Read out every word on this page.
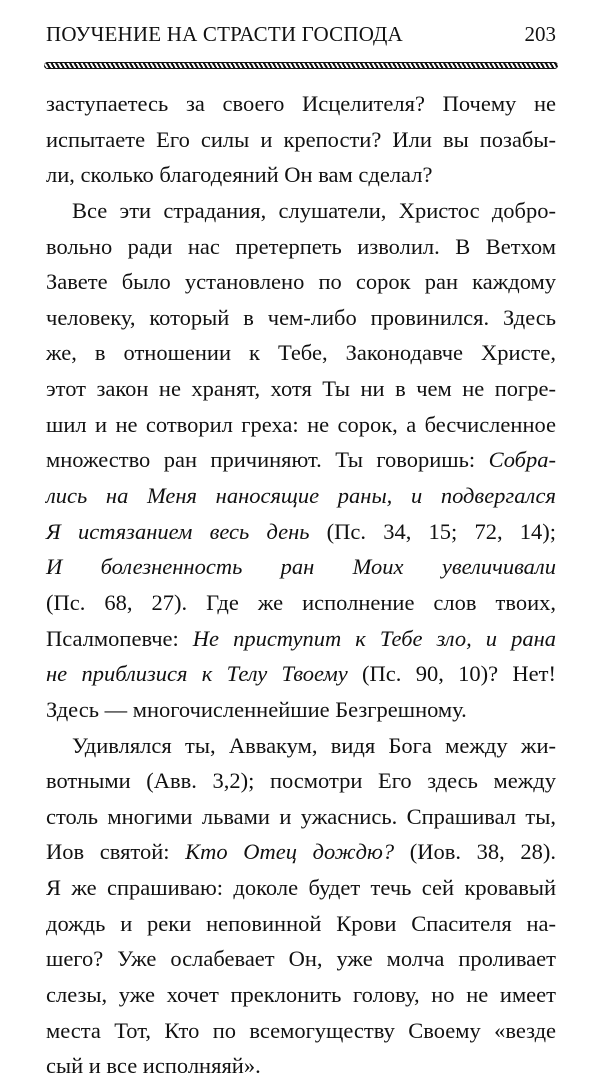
ПОУЧЕНИЕ НА СТРАСТИ ГОСПОДА	203
заступаетесь за своего Исцелителя? Почему не
испытаете Его силы и крепости? Или вы позабы-
ли, сколько благодеяний Он вам сделал?
Все эти страдания, слушатели, Христос добро-
вольно ради нас претерпеть изволил. В Ветхом
Завете было установлено по сорок ран каждому
человеку, который в чем-либо провинился. Здесь
же, в отношении к Тебе, Законодавче Христе,
этот закон не хранят, хотя Ты ни в чем не погре-
шил и не сотворил греха: не сорок, а бесчисленное
множество ран причиняют. Ты говоришь: Собра-
лись на Меня наносящие раны, и подвергался
Я истязанием весь день (Пс. 34, 15; 72, 14);
И болезненность ран Моих увеличивали
(Пс. 68, 27). Где же исполнение слов твоих,
Псалмопевче: Не приступит к Тебе зло, и рана
не приблизися к Телу Твоему (Пс. 90, 10)? Нет!
Здесь — многочисленнейшие Безгрешному.
Удивлялся ты, Аввакум, видя Бога между жи-
вотными (Авв. 3,2); посмотри Его здесь между
столь многими львами и ужаснись. Спрашивал ты,
Иов святой: Кто Отец дождю? (Иов. 38, 28).
Я же спрашиваю: доколе будет течь сей кровавый
дождь и реки неповинной Крови Спасителя на-
шего? Уже ослабевает Он, уже молча проливает
слезы, уже хочет преклонить голову, но не имеет
места Тот, Кто по всемогуществу Своему «везде
сый и все исполняяй».
